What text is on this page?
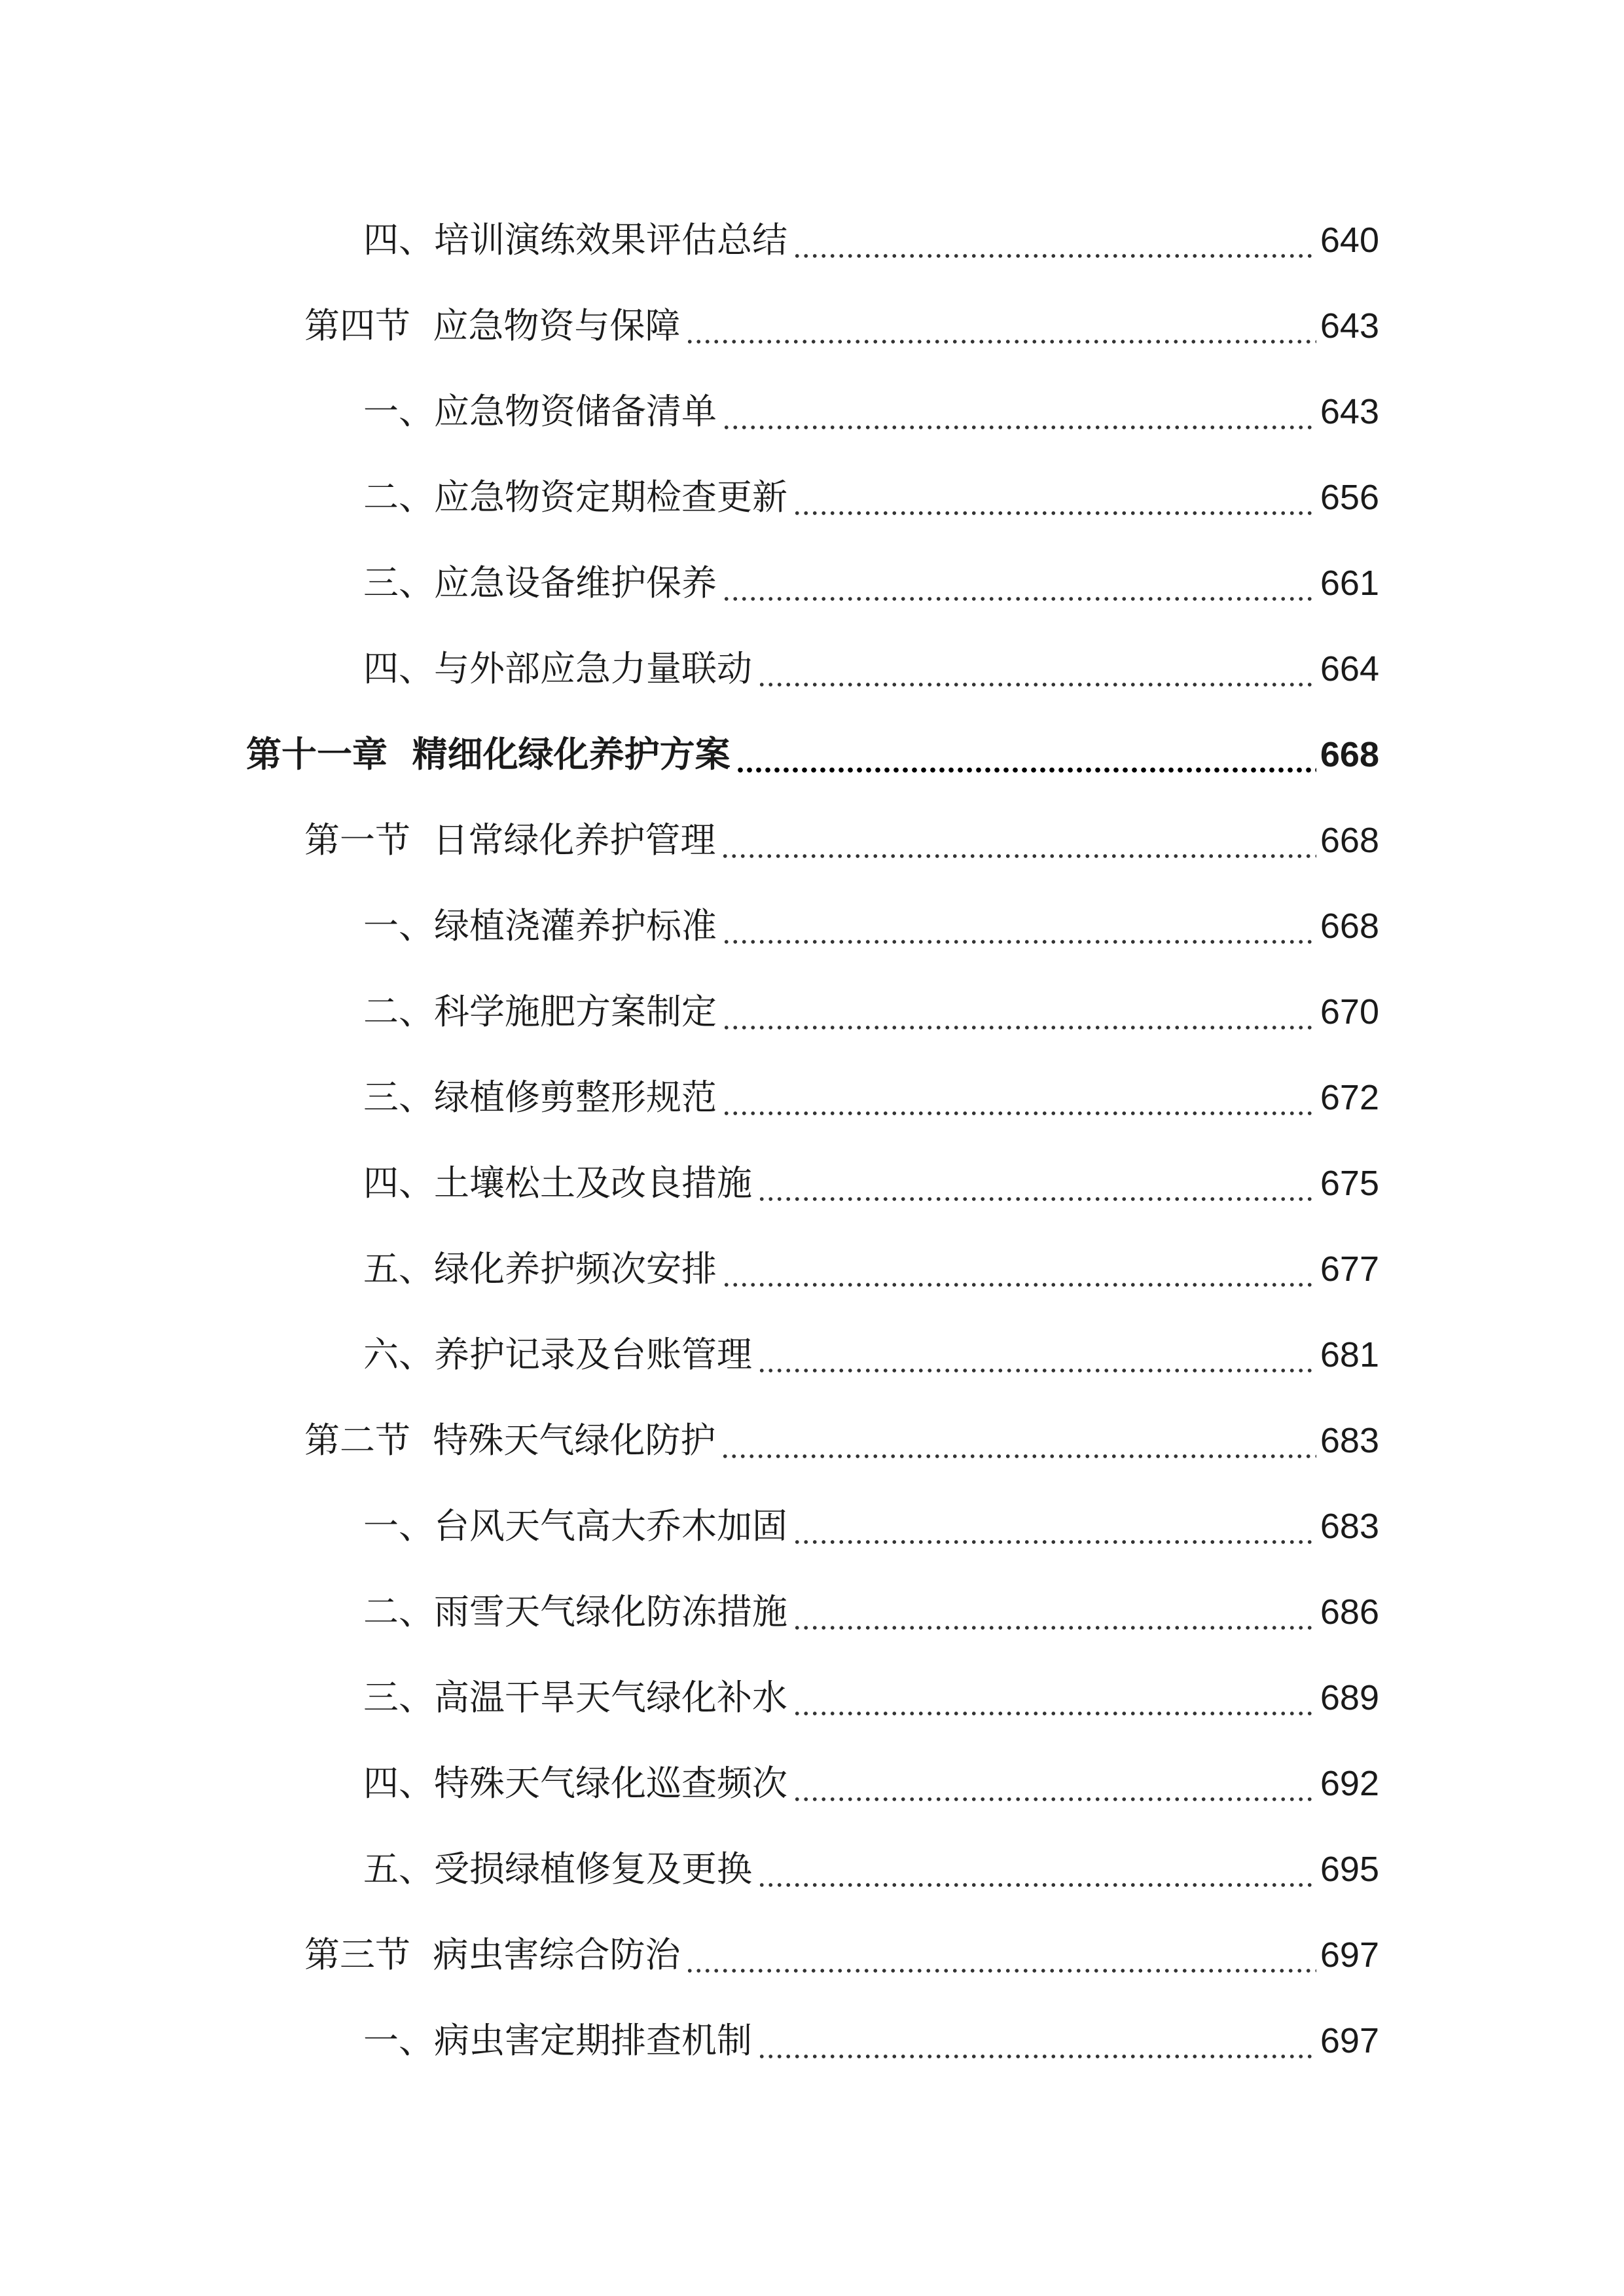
四、培训演练效果评估总结	640
第四节  应急物资与保障	643
一、应急物资储备清单	643
二、应急物资定期检查更新	656
三、应急设备维护保养	661
四、与外部应急力量联动	664
第十一章  精细化绿化养护方案	668
第一节  日常绿化养护管理	668
一、绿植浇灌养护标准	668
二、科学施肥方案制定	670
三、绿植修剪整形规范	672
四、土壤松土及改良措施	675
五、绿化养护频次安排	677
六、养护记录及台账管理	681
第二节  特殊天气绿化防护	683
一、台风天气高大乔木加固	683
二、雨雪天气绿化防冻措施	686
三、高温干旱天气绿化补水	689
四、特殊天气绿化巡查频次	692
五、受损绿植修复及更换	695
第三节  病虫害综合防治	697
一、病虫害定期排查机制	697
